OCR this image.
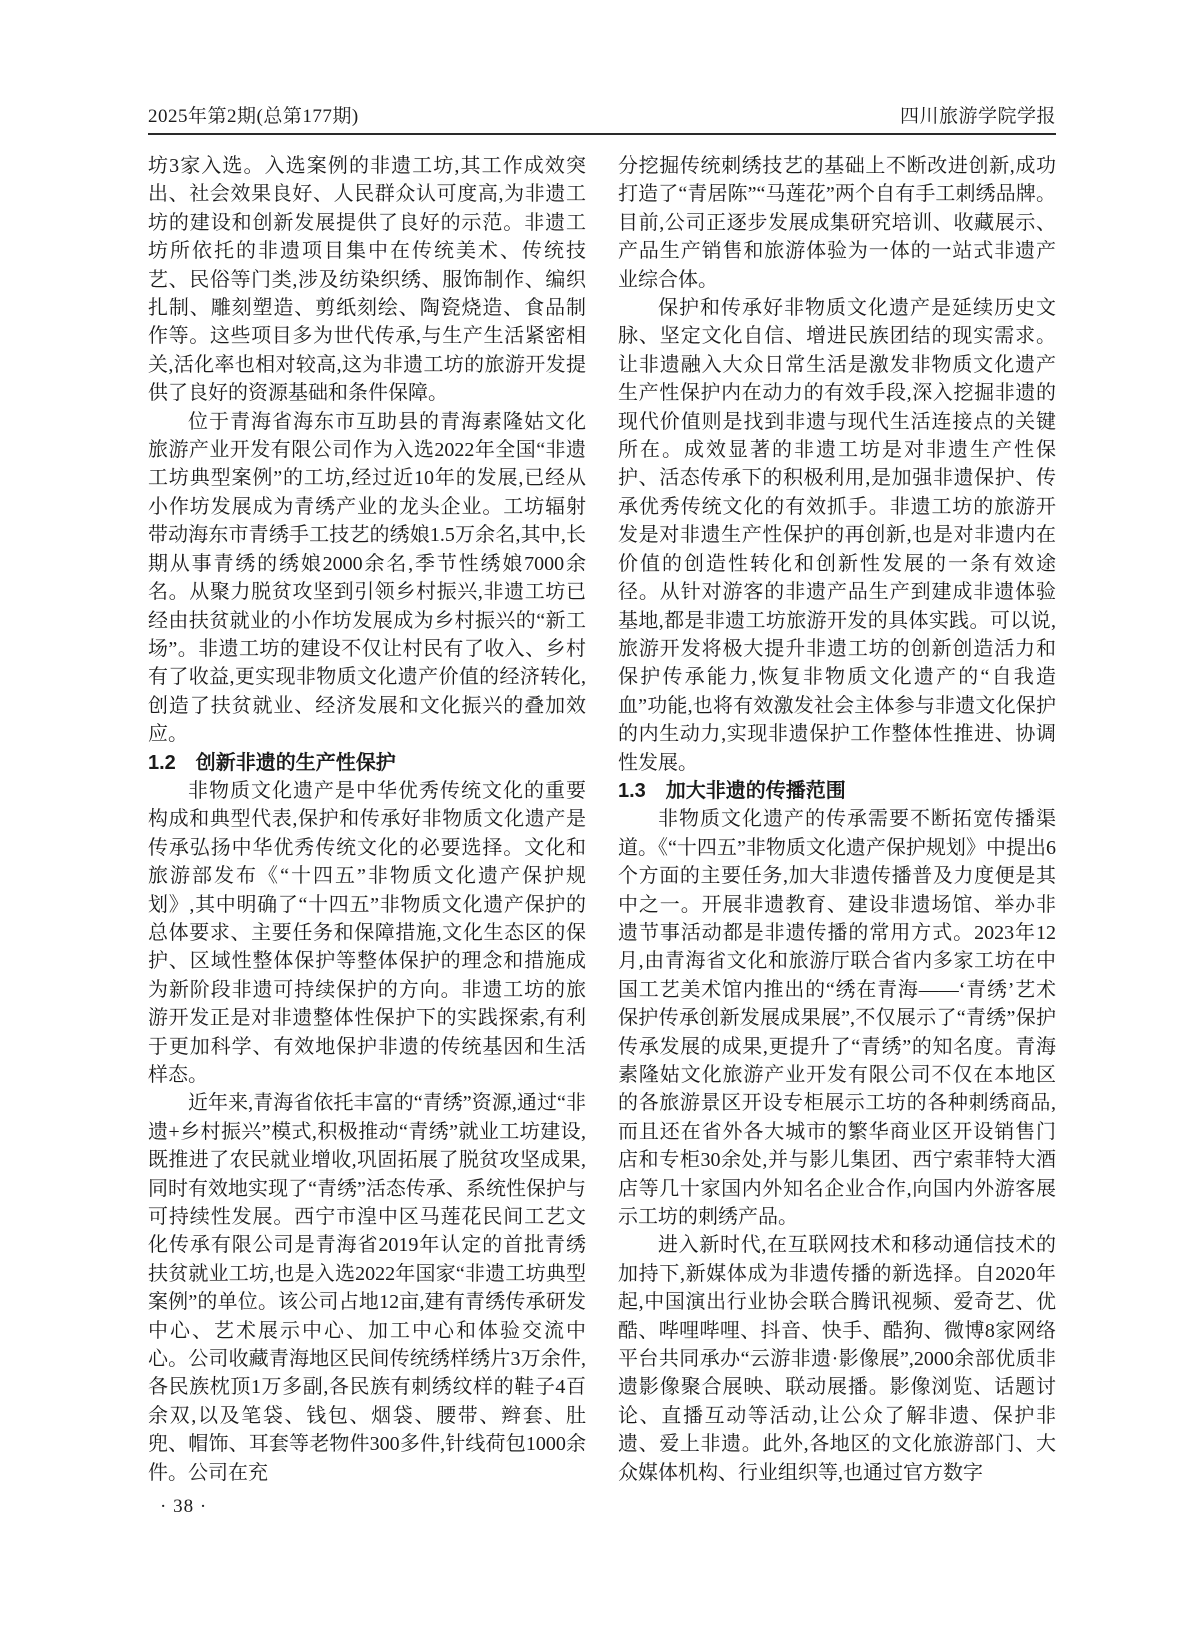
2025年第2期(总第177期)	四川旅游学院学报

坊3家入选。入选案例的非遗工坊,其工作成效突出、社会效果良好、人民群众认可度高,为非遗工坊的建设和创新发展提供了良好的示范。非遗工坊所依托的非遗项目集中在传统美术、传统技艺、民俗等门类,涉及纺染织绣、服饰制作、编织扎制、雕刻塑造、剪纸刻绘、陶瓷烧造、食品制作等。这些项目多为世代传承,与生产生活紧密相关,活化率也相对较高,这为非遗工坊的旅游开发提供了良好的资源基础和条件保障。

位于青海省海东市互助县的青海素隆姑文化旅游产业开发有限公司作为入选2022年全国“非遗工坊典型案例”的工坊,经过近10年的发展,已经从小作坊发展成为青绣产业的龙头企业。工坊辐射带动海东市青绣手工技艺的绣娘1.5万余名,其中,长期从事青绣的绣娘2000余名,季节性绣娘7000余名。从聚力脱贫攻坚到引领乡村振兴,非遗工坊已经由扶贫就业的小作坊发展成为乡村振兴的“新工场”。非遗工坊的建设不仅让村民有了收入、乡村有了收益,更实现非物质文化遗产价值的经济转化,创造了扶贫就业、经济发展和文化振兴的叠加效应。

1.2　创新非遗的生产性保护

非物质文化遗产是中华优秀传统文化的重要构成和典型代表,保护和传承好非物质文化遗产是传承弘扬中华优秀传统文化的必要选择。文化和旅游部发布《“十四五”非物质文化遗产保护规划》,其中明确了“十四五”非物质文化遗产保护的总体要求、主要任务和保障措施,文化生态区的保护、区域性整体保护等整体保护的理念和措施成为新阶段非遗可持续保护的方向。非遗工坊的旅游开发正是对非遗整体性保护下的实践探索,有利于更加科学、有效地保护非遗的传统基因和生活样态。

近年来,青海省依托丰富的“青绣”资源,通过“非遗+乡村振兴”模式,积极推动“青绣”就业工坊建设,既推进了农民就业增收,巩固拓展了脱贫攻坚成果,同时有效地实现了“青绣”活态传承、系统性保护与可持续性发展。西宁市湟中区马莲花民间工艺文化传承有限公司是青海省2019年认定的首批青绣扶贫就业工坊,也是入选2022年国家“非遗工坊典型案例”的单位。该公司占地12亩,建有青绣传承研发中心、艺术展示中心、加工中心和体验交流中心。公司收藏青海地区民间传统绣样绣片3万余件,各民族枕顶1万多副,各民族有刺绣纹样的鞋子4百余双,以及笔袋、钱包、烟袋、腰带、辫套、肚兜、帽饰、耳套等老物件300多件,针线荷包1000余件。公司在充

分挖掘传统刺绣技艺的基础上不断改进创新,成功打造了“青居陈”“马莲花”两个自有手工刺绣品牌。目前,公司正逐步发展成集研究培训、收藏展示、产品生产销售和旅游体验为一体的一站式非遗产业综合体。

保护和传承好非物质文化遗产是延续历史文脉、坚定文化自信、增进民族团结的现实需求。让非遗融入大众日常生活是激发非物质文化遗产生产性保护内在动力的有效手段,深入挖掘非遗的现代价值则是找到非遗与现代生活连接点的关键所在。成效显著的非遗工坊是对非遗生产性保护、活态传承下的积极利用,是加强非遗保护、传承优秀传统文化的有效抓手。非遗工坊的旅游开发是对非遗生产性保护的再创新,也是对非遗内在价值的创造性转化和创新性发展的一条有效途径。从针对游客的非遗产品生产到建成非遗体验基地,都是非遗工坊旅游开发的具体实践。可以说,旅游开发将极大提升非遗工坊的创新创造活力和保护传承能力,恢复非物质文化遗产的“自我造血”功能,也将有效激发社会主体参与非遗文化保护的内生动力,实现非遗保护工作整体性推进、协调性发展。

1.3　加大非遗的传播范围

非物质文化遗产的传承需要不断拓宽传播渠道。《“十四五”非物质文化遗产保护规划》中提出6个方面的主要任务,加大非遗传播普及力度便是其中之一。开展非遗教育、建设非遗场馆、举办非遗节事活动都是非遗传播的常用方式。2023年12月,由青海省文化和旅游厅联合省内多家工坊在中国工艺美术馆内推出的“绣在青海——‘青绣’艺术保护传承创新发展成果展”,不仅展示了“青绣”保护传承发展的成果,更提升了“青绣”的知名度。青海素隆姑文化旅游产业开发有限公司不仅在本地区的各旅游景区开设专柜展示工坊的各种刺绣商品,而且还在省外各大城市的繁华商业区开设销售门店和专柜30余处,并与影儿集团、西宁索菲特大酒店等几十家国内外知名企业合作,向国内外游客展示工坊的刺绣产品。

进入新时代,在互联网技术和移动通信技术的加持下,新媒体成为非遗传播的新选择。自2020年起,中国演出行业协会联合腾讯视频、爱奇艺、优酷、哔哩哔哩、抖音、快手、酷狗、微博8家网络平台共同承办“云游非遗·影像展”,2000余部优质非遗影像聚合展映、联动展播。影像浏览、话题讨论、直播互动等活动,让公众了解非遗、保护非遗、爱上非遗。此外,各地区的文化旅游部门、大众媒体机构、行业组织等,也通过官方数字

· 38 ·
